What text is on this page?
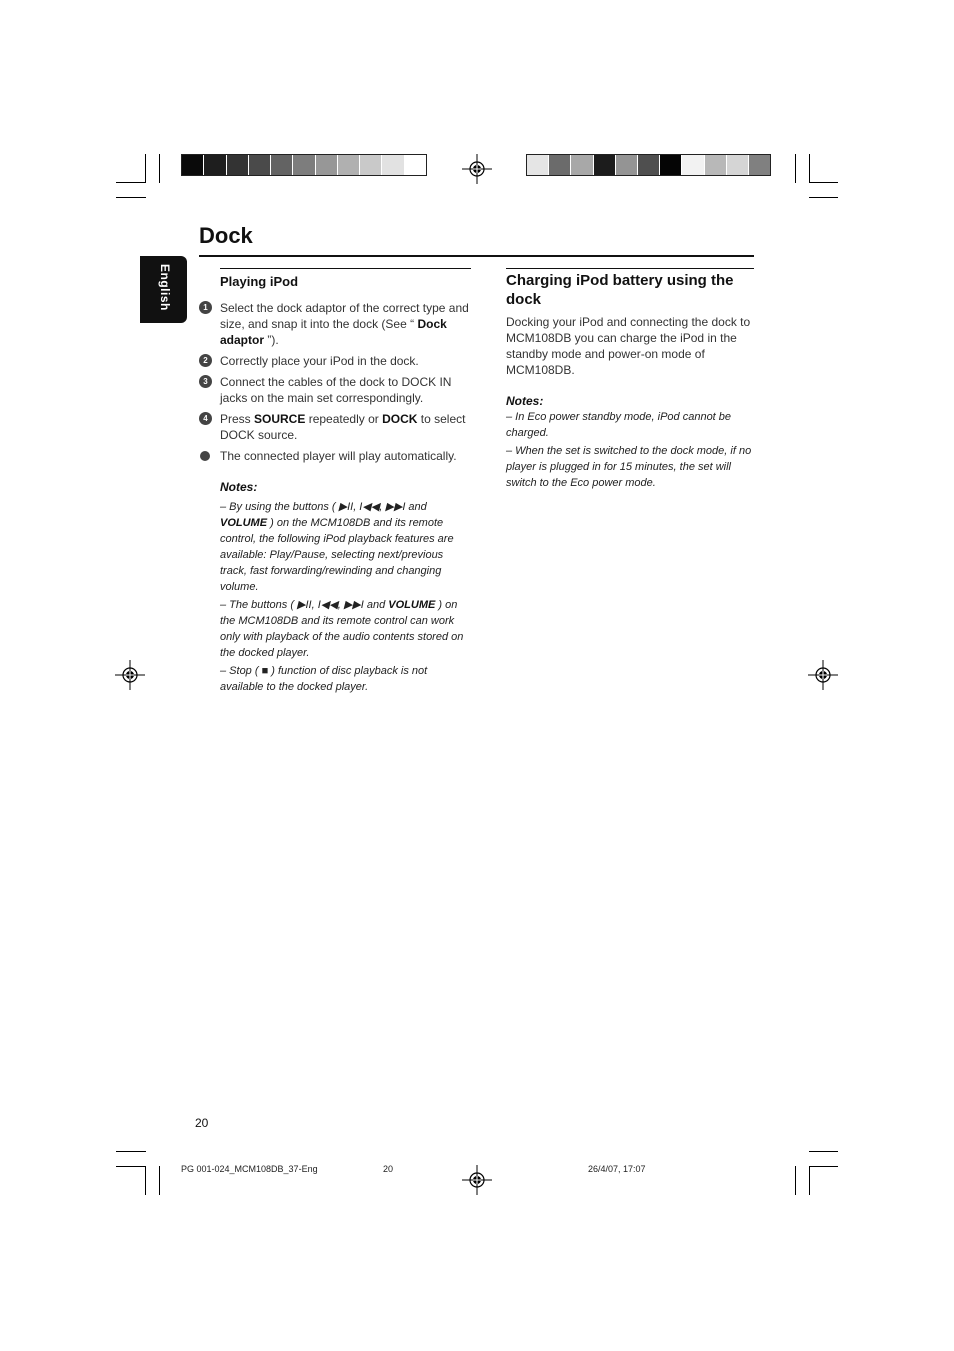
Dock
English	Playing iPod
1	Select the dock adaptor of the correct type and size, and snap it into the dock (See “ Dock adaptor ”).
2	Correctly place your iPod in the dock.
3	Connect the cables of the dock to DOCK IN jacks on the main set correspondingly.
4	Press SOURCE repeatedly or DOCK to select DOCK source.
The connected player will play automatically.
Notes:

– By using the buttons ( ▶II, I◀◀, ▶▶I and VOLUME ) on the MCM108DB and its remote control, the following iPod playback features are available: Play/Pause, selecting next/previous track, fast forwarding/rewinding and changing volume.

– The buttons ( ▶II, I◀◀, ▶▶I and VOLUME ) on the MCM108DB and its remote control can work only with playback of the audio contents stored on the docked player.

– Stop ( ■ ) function of disc playback is not available to the docked player.

Charging iPod battery using the dock

Docking your iPod and connecting the dock to MCM108DB you can charge the iPod in the standby mode and power-on mode of MCM108DB.

Notes:

– In Eco power standby mode, iPod cannot be charged.

– When the set is switched to the dock mode, if no player is plugged in for 15 minutes, the set will switch to the Eco power mode.

20
PG 001-024_MCM108DB_37-Eng	20	26/4/07, 17:07
